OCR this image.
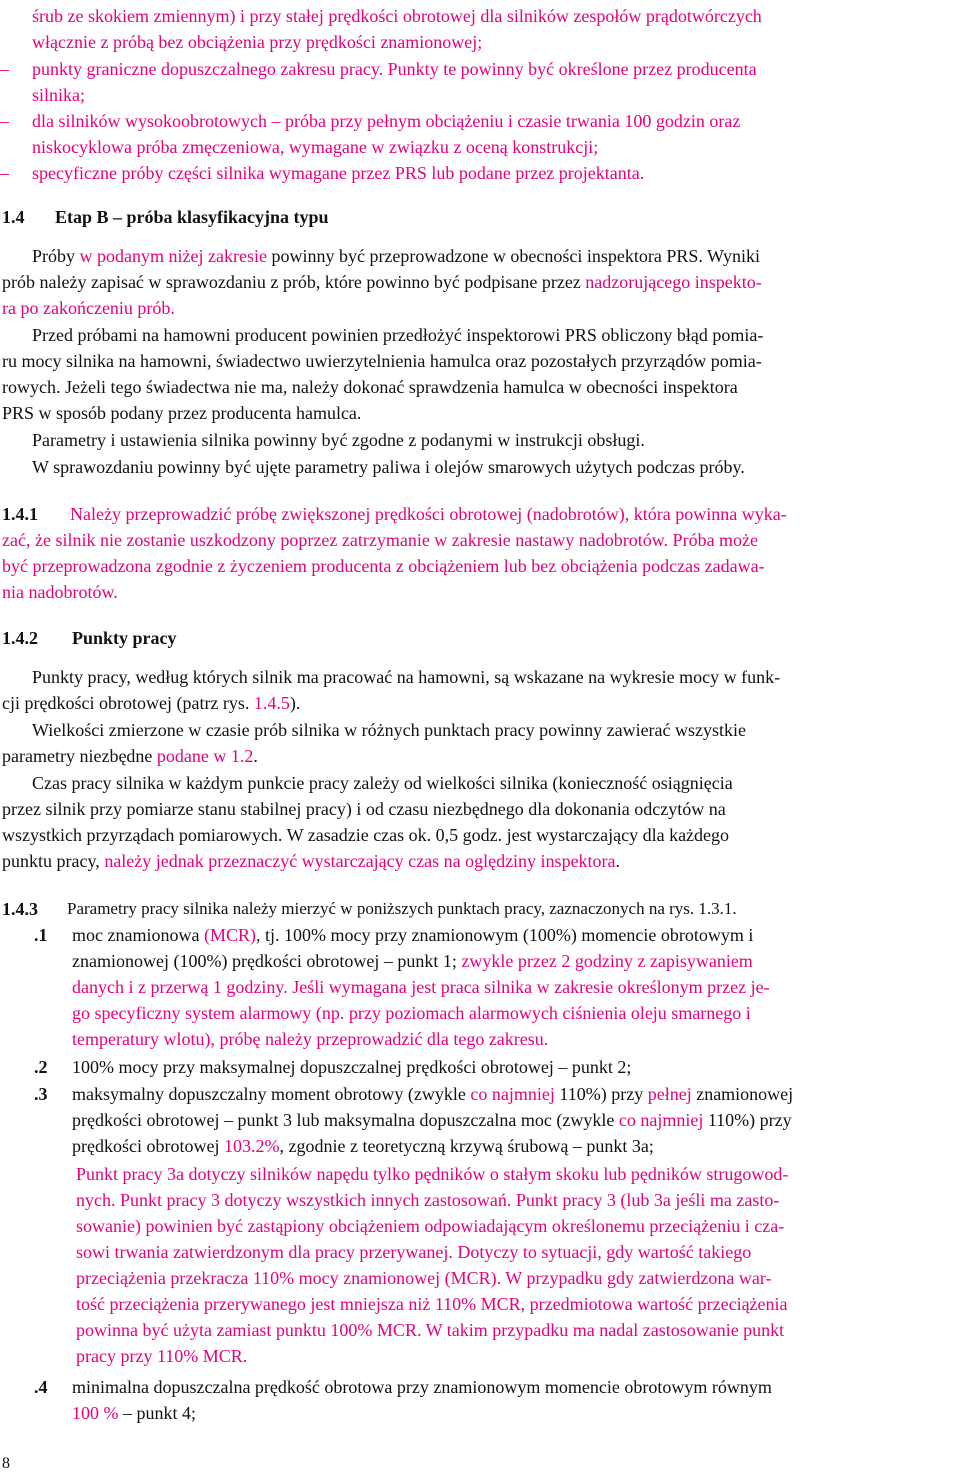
śrub ze skokiem zmiennym) i przy stałej prędkości obrotowej dla silników zespołów prądotwórczych
włącznie z próbą bez obciążenia przy prędkości znamionowej;
– punkty graniczne dopuszczalnego zakresu pracy. Punkty te powinny być określone przez producenta
silnika;
– dla silników wysokoobrotowych – próba przy pełnym obciążeniu i czasie trwania 100 godzin oraz
niskocyklowa próba zmęczeniowa, wymagane w związku z oceną konstrukcji;
– specyficzne próby części silnika wymagane przez PRS lub podane przez projektanta.
1.4 Etap B – próba klasyfikacyjna typu
Próby w podanym niżej zakresie powinny być przeprowadzone w obecności inspektora PRS. Wyniki
prób należy zapisać w sprawozdaniu z prób, które powinno być podpisane przez nadzorującego inspekto-
ra po zakończeniu prób.
Przed próbami na hamowni producent powinien przedłożyć inspektorowi PRS obliczony błąd pomia-
ru mocy silnika na hamowni, świadectwo uwierzytelnienia hamulca oraz pozostałych przyrządów pomia-
rowych. Jeżeli tego świadectwa nie ma, należy dokonać sprawdzenia hamulca w obecności inspektora
PRS w sposób podany przez producenta hamulca.
Parametry i ustawienia silnika powinny być zgodne z podanymi w instrukcji obsługi.
W sprawozdaniu powinny być ujęte parametry paliwa i olejów smarowych użytych podczas próby.
1.4.1 Należy przeprowadzić próbę zwiększonej prędkości obrotowej (nadobrotów), która powinna wyka-
zać, że silnik nie zostanie uszkodzony poprzez zatrzymanie w zakresie nastawy nadobrotów. Próba może
być przeprowadzona zgodnie z życzeniem producenta z obciążeniem lub bez obciążenia podczas zadawa-
nia nadobrotów.
1.4.2 Punkty pracy
Punkty pracy, według których silnik ma pracować na hamowni, są wskazane na wykresie mocy w funk-
cji prędkości obrotowej (patrz rys. 1.4.5).
Wielkości zmierzone w czasie prób silnika w różnych punktach pracy powinny zawierać wszystkie
parametry niezbędne podane w 1.2.
Czas pracy silnika w każdym punkcie pracy zależy od wielkości silnika (konieczność osiągnięcia
przez silnik przy pomiarze stanu stabilnej pracy) i od czasu niezbędnego dla dokonania odczytów na
wszystkich przyrządach pomiarowych. W zasadzie czas ok. 0,5 godz. jest wystarczający dla każdego
punktu pracy, należy jednak przeznaczyć wystarczający czas na oględziny inspektora.
1.4.3 Parametry pracy silnika należy mierzyć w poniższych punktach pracy, zaznaczonych na rys. 1.3.1.
.1 moc znamionowa (MCR), tj. 100% mocy przy znamionowym (100%) momencie obrotowym i
znamionowej (100%) prędkości obrotowej – punkt 1; zwykle przez 2 godziny z zapisywaniem
danych i z przerwą 1 godziny. Jeśli wymagana jest praca silnika w zakresie określonym przez je-
go specyficzny system alarmowy (np. przy poziomach alarmowych ciśnienia oleju smarnego i
temperatury wlotu), próbę należy przeprowadzić dla tego zakresu.
.2 100% mocy przy maksymalnej dopuszczalnej prędkości obrotowej – punkt 2;
.3 maksymalny dopuszczalny moment obrotowy (zwykle co najmniej 110%) przy pełnej znamionowej
prędkości obrotowej – punkt 3 lub maksymalna dopuszczalna moc (zwykle co najmniej 110%) przy
prędkości obrotowej 103.2%, zgodnie z teoretyczną krzywą śrubową – punkt 3a;
Punkt pracy 3a dotyczy silników napędu tylko pędników o stałym skoku lub pędników strugowod-
nych. Punkt pracy 3 dotyczy wszystkich innych zastosowań. Punkt pracy 3 (lub 3a jeśli ma zasto-
sowanie) powinien być zastąpiony obciążeniem odpowiadającym określonemu przeciążeniu i cza-
sowi trwania zatwierdzonym dla pracy przerywanej. Dotyczy to sytuacji, gdy wartość takiego
przeciążenia przekracza 110% mocy znamionowej (MCR). W przypadku gdy zatwierdzona war-
tość przeciążenia przerywanego jest mniejsza niż 110% MCR, przedmiotowa wartość przeciążenia
powinna być użyta zamiast punktu 100% MCR. W takim przypadku ma nadal zastosowanie punkt
pracy przy 110% MCR.
.4 minimalna dopuszczalna prędkość obrotowa przy znamionowym momencie obrotowym równym
100 % – punkt 4;
8
